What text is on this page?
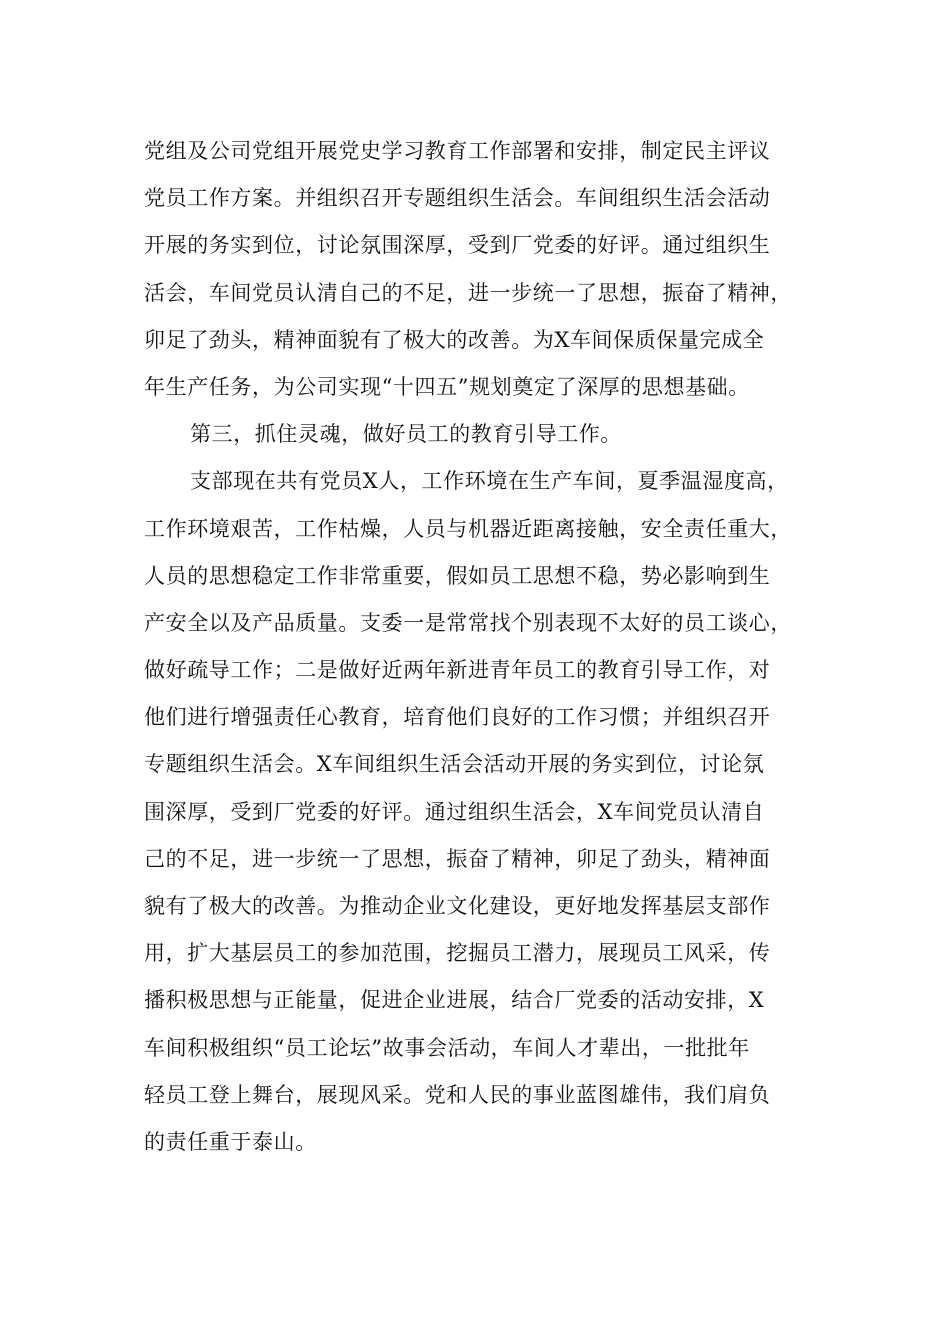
党组及公司党组开展党史学习教育工作部署和安排，制定民主评议
党员工作方案。并组织召开专题组织生活会。车间组织生活会活动
开展的务实到位，讨论氛围深厚，受到厂党委的好评。通过组织生
活会，车间党员认清自己的不足，进一步统一了思想，振奋了精神，
卯足了劲头，精神面貌有了极大的改善。为X车间保质保量完成全
年生产任务，为公司实现“十四五”规划奠定了深厚的思想基础。
第三，抓住灵魂，做好员工的教育引导工作。
支部现在共有党员X人，工作环境在生产车间，夏季温湿度高，
工作环境艰苦，工作枯燥，人员与机器近距离接触，安全责任重大，
人员的思想稳定工作非常重要，假如员工思想不稳，势必影响到生
产安全以及产品质量。支委一是常常找个别表现不太好的员工谈心，
做好疏导工作；二是做好近两年新进青年员工的教育引导工作，对
他们进行增强责任心教育，培育他们良好的工作习惯；并组织召开
专题组织生活会。X车间组织生活会活动开展的务实到位，讨论氛
围深厚，受到厂党委的好评。通过组织生活会，X车间党员认清自
己的不足，进一步统一了思想，振奋了精神，卯足了劲头，精神面
貌有了极大的改善。为推动企业文化建设，更好地发挥基层支部作
用，扩大基层员工的参加范围，挖掘员工潜力，展现员工风采，传
播积极思想与正能量，促进企业进展，结合厂党委的活动安排，X
车间积极组织“员工论坛”故事会活动，车间人才辈出，一批批年
轻员工登上舞台，展现风采。党和人民的事业蓝图雄伟，我们肩负
的责任重于泰山。
